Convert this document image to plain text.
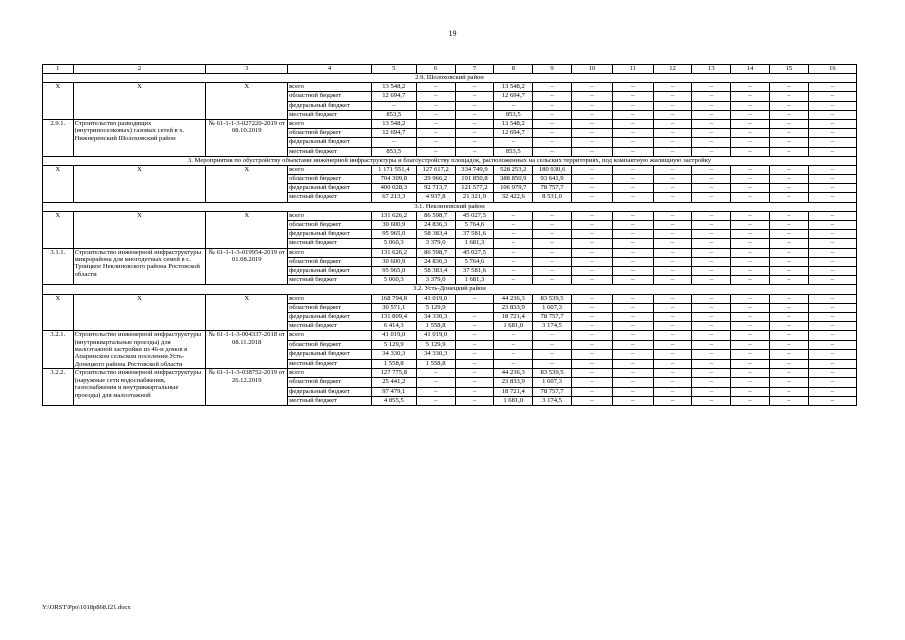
19
1	2	3	4	5	6	7	8	9	10	11	12	13	14	15	16
2.9. Шолоховский район															
X	X	X	всего	13 548,2	–	–	13 548,2	–	–	–	–	–	–	–	–
			областной бюджет	12 694,7	–	–	12 694,7	–	–	–	–	–	–	–	–
			федеральный бюджет	–	–	–	–	–	–	–	–	–	–	–	–
			местный бюджет	853,5	–	–	853,5	–	–	–	–	–	–	–	–
2.9.1.	Строительство разводящих (внутрипоселковых) газовых сетей в х. Нижнеренский Шолоховский район	№ 61-1-1-3-027220-2019 от 08.10.2019	всего	13 548,2	–	–	13 548,2	–	–	–	–	–	–	–	–
			областной бюджет	12 694,7	–	–	12 694,7	–	–	–	–	–	–	–	–
			федеральный бюджет	–	–	–	–	–	–	–	–	–	–	–	–
			местный бюджет	853,5	–	–	853,5	–	–	–	–	–	–	–	–
3. Мероприятия по обустройству объектами инженерной инфраструктуры и благоустройству площадок, расположенных на сельских территориях, под компактную жилищную застройку															
X	X	X	всего	1 171 551,4	127 617,2	334 749,9	528 253,2	180 930,6	–	–	–	–	–	–	–
			областной бюджет	704 309,8	29 966,2	191 850,8	388 850,9	93 641,9	–	–	–	–	–	–	–
			федеральный бюджет	400 028,3	92 713,7	121 577,2	106 979,7	78 757,7	–	–	–	–	–	–	–
			местный бюджет	67 213,3	4 937,8	21 321,9	32 422,6	8 531,0	–	–	–	–	–	–	–
3.1. Неклиновский район															
X	X	X	всего	131 626,2	86 598,7	45 027,5	–	–	–	–	–	–	–	–	–
			областной бюджет	30 600,9	24 836,3	5 764,6	–	–	–	–	–	–	–	–	–
			федеральный бюджет	95 965,0	58 383,4	37 581,6	–	–	–	–	–	–	–	–	–
			местный бюджет	5 060,3	3 379,0	1 681,3	–	–	–	–	–	–	–	–	–
3.1.1.	Строительство инженерной инфраструктуры микрорайона для многодетных семей в с. Троицкое Неклиновского района Ростовской области	№ 61-1-1-3-019954-2019 от 01.08.2019	всего	131 626,2	86 598,7	45 027,5	–	–	–	–	–	–	–	–	–
			областной бюджет	30 600,9	24 836,3	5 764,6	–	–	–	–	–	–	–	–	–
			федеральный бюджет	95 965,0	58 383,4	37 581,6	–	–	–	–	–	–	–	–	–
			местный бюджет	5 060,3	3 379,0	1 681,3	–	–	–	–	–	–	–	–	–
3.2. Усть-Донецкий район															
X	X	X	всего	168 794,8	41 019,0	–	44 236,3	83 539,5	–	–	–	–	–	–	–
			областной бюджет	30 571,1	5 129,9		23 833,9	1 607,3	–	–	–	–	–	–	–
			федеральный бюджет	131 809,4	34 330,3	–	18 721,4	78 757,7	–	–	–	–	–	–	–
			местный бюджет	6 414,3	1 558,8	–	1 681,0	3 174,5	–	–	–	–	–	–	–
3.2.1.	Строительство инженерной инфраструктуры (внутриквартальные проезды) для малоэтажной застройки из 46-и домов в Апаринском сельском поселении Усть-Донецкого района Ростовской области	№ 61-1-1-3-004337-2018 от 08.11.2018	всего	41 019,0	41 019,0	–	–	–	–	–	–	–	–	–	–
			областной бюджет	5 129,9	5 129,9	–	–	–	–	–	–	–	–	–	–
			федеральный бюджет	34 330,3	34 330,3	–	–	–	–	–	–	–	–	–	–
			местный бюджет	1 558,8	1 558,8	–	–	–	–	–	–	–	–	–	–
3.2.2.	Строительство инженерной инфраструктуры (наружные сети водоснабжения, газоснабжения и внутриквартальные проезды) для малоэтажной	№ 61-1-1-3-038752-2019 от 26.12.2019	всего	127 775,8	–	–	44 236,3	83 539,5	–	–	–	–	–	–	–
			областной бюджет	25 441,2	–	–	23 833,9	1 607,3	–	–	–	–	–	–	–
			федеральный бюджет	97 479,1	–	–	18 721,4	78 757,7	–	–	–	–	–	–	–
			местный бюджет	4 855,5	–	–	1 681,0	3 174,5	–	–	–	–	–	–	–
Y:\ORST\Ppo\1018p868.f21.docx
